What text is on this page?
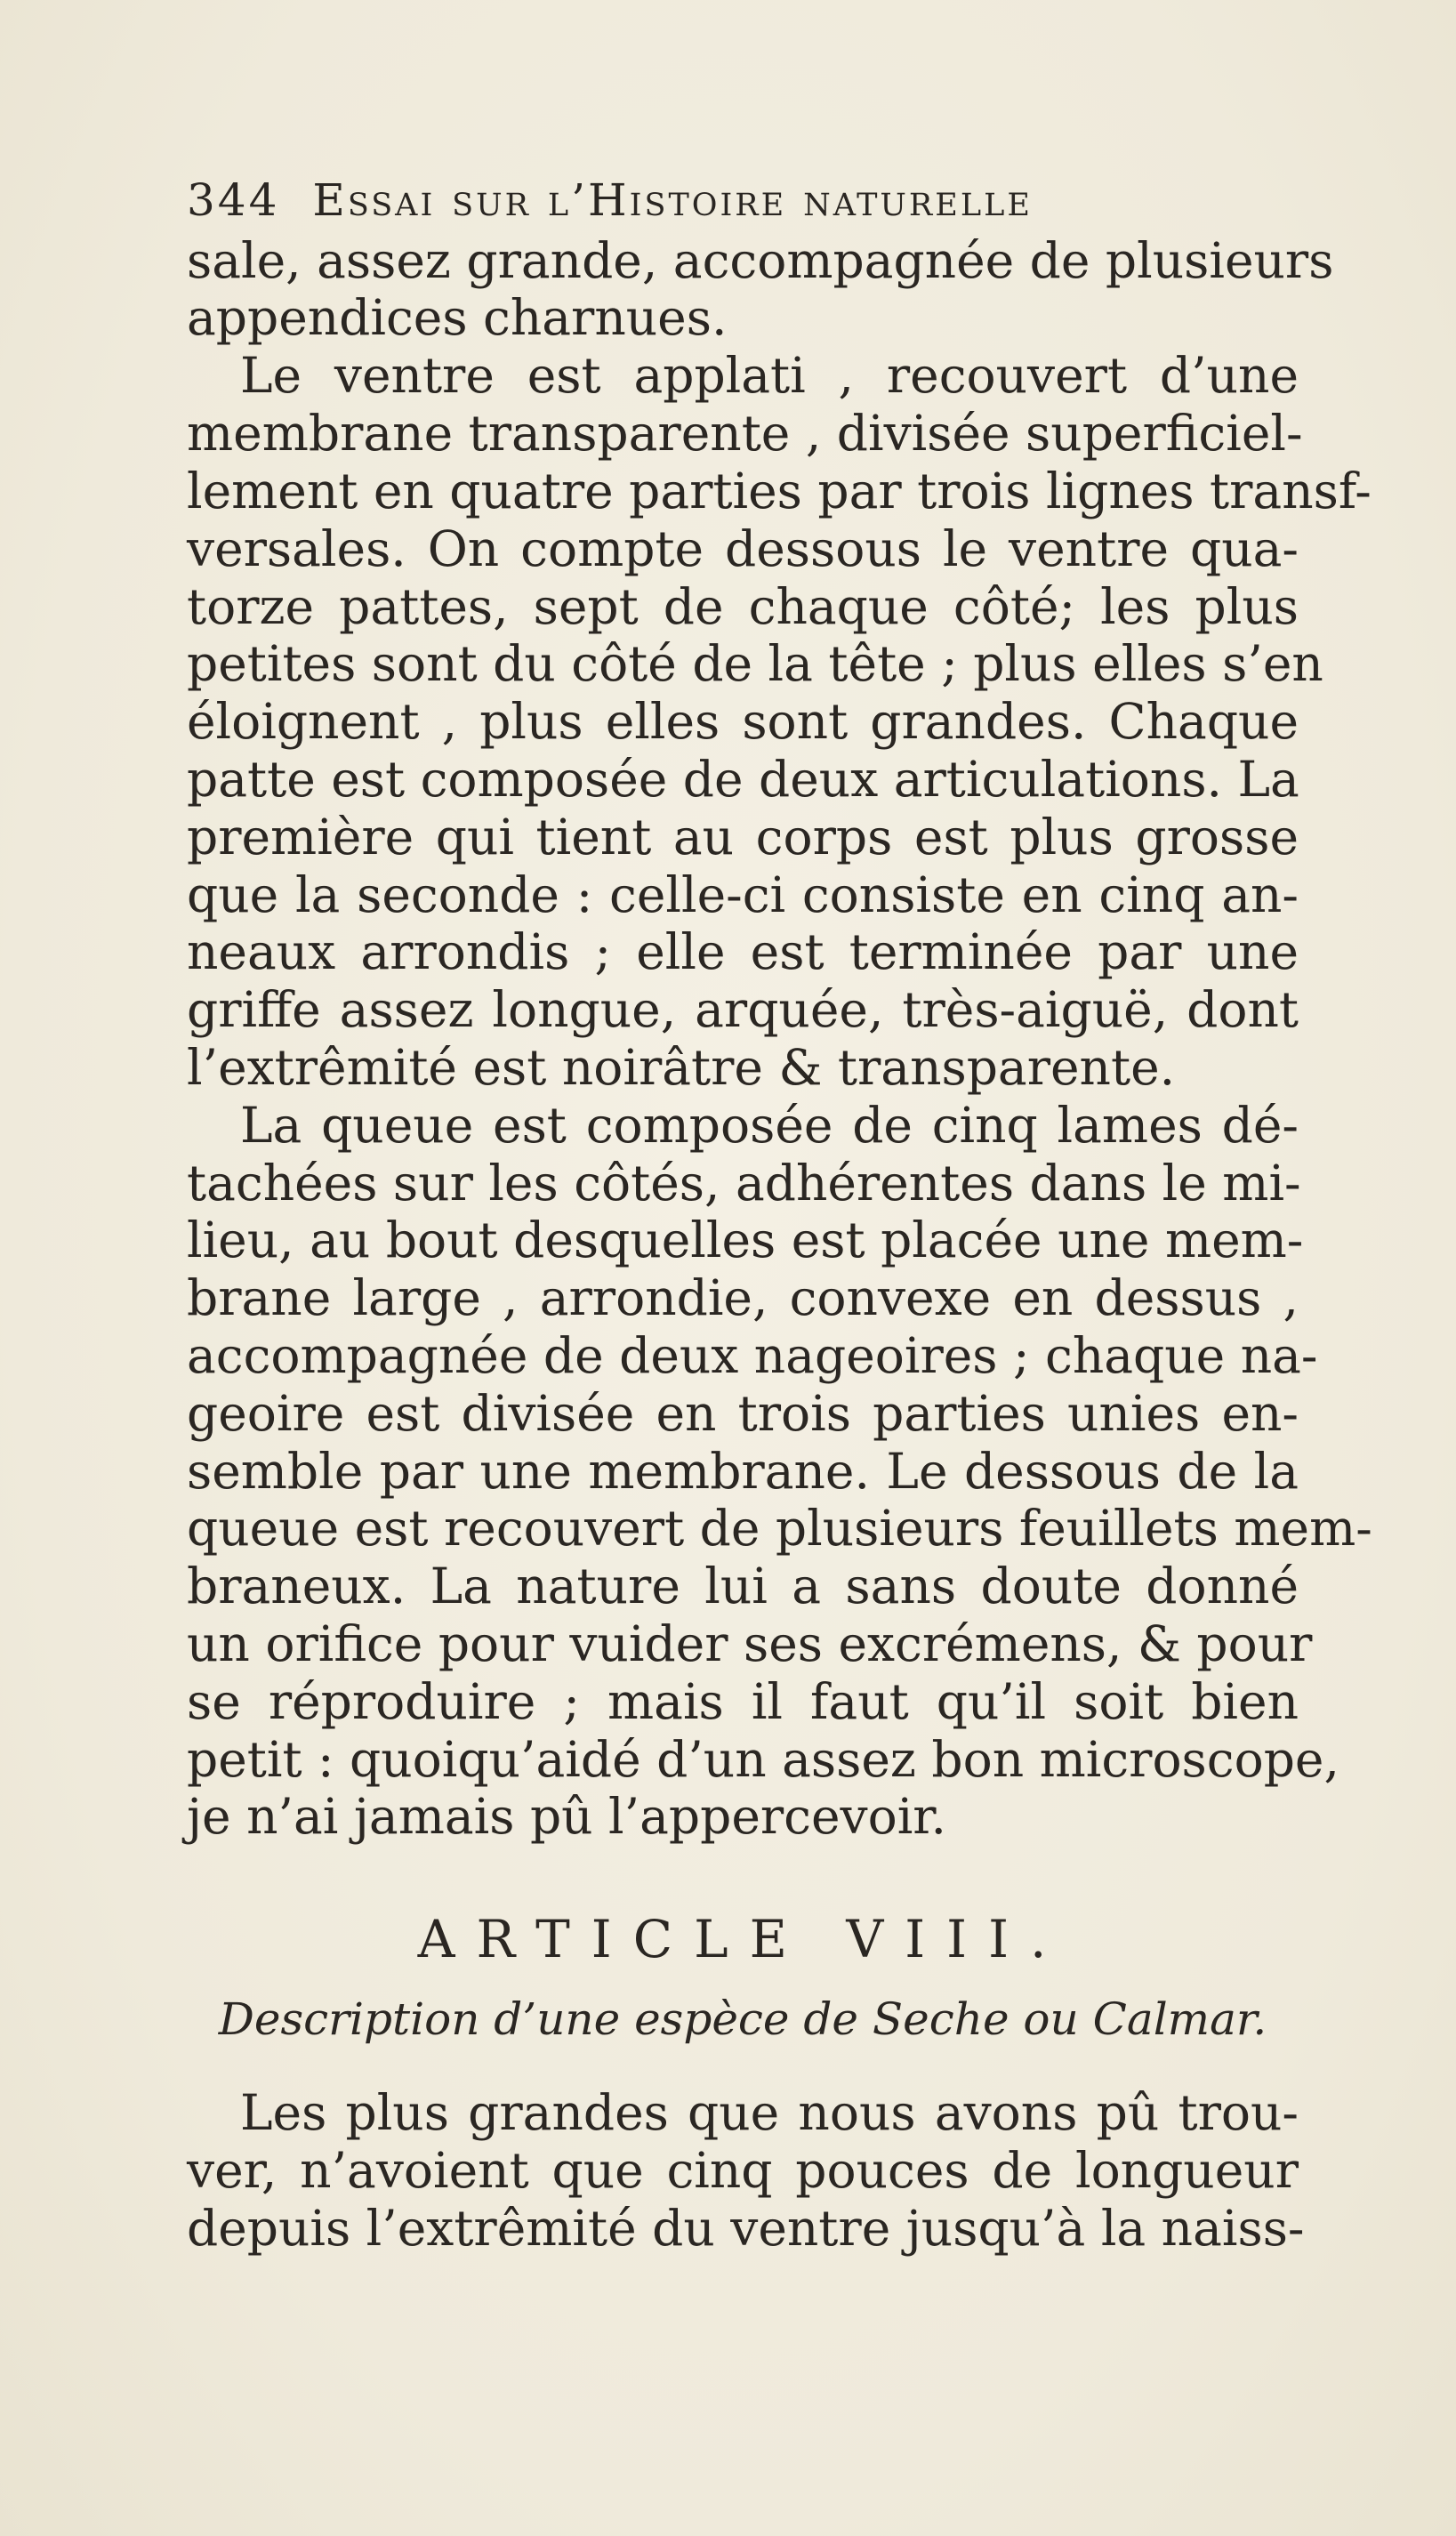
344 Essai sur l’Histoire naturelle
sale, assez grande, accompagnée de plusieurs
appendices charnues.
Le ventre est applati , recouvert d’une
membrane transparente , divisée superficiel-
lement en quatre parties par trois lignes transf-
versales. On compte dessous le ventre qua-
torze pattes, sept de chaque côté; les plus
petites sont du côté de la tête ; plus elles s’en
éloignent , plus elles sont grandes. Chaque
patte est composée de deux articulations. La
première qui tient au corps est plus grosse
que la seconde : celle-ci consiste en cinq an-
neaux arrondis ; elle est terminée par une
griffe assez longue, arquée, très-aiguë, dont
l’extrêmité est noirâtre & transparente.
La queue est composée de cinq lames dé-
tachées sur les côtés, adhérentes dans le mi-
lieu, au bout desquelles est placée une mem-
brane large , arrondie, convexe en dessus ,
accompagnée de deux nageoires ; chaque na-
geoire est divisée en trois parties unies en-
semble par une membrane. Le dessous de la
queue est recouvert de plusieurs feuillets mem-
braneux. La nature lui a sans doute donné
un orifice pour vuider ses excrémens, & pour
se réproduire ; mais il faut qu’il soit bien
petit : quoiqu’aidé d’un assez bon microscope,
je n’ai jamais pû l’appercevoir.
ARTICLE VIII.
Description d’une espèce de Seche ou Calmar.
Les plus grandes que nous avons pû trou-
ver, n’avoient que cinq pouces de longueur
depuis l’extrêmité du ventre jusqu’à la naiss-
